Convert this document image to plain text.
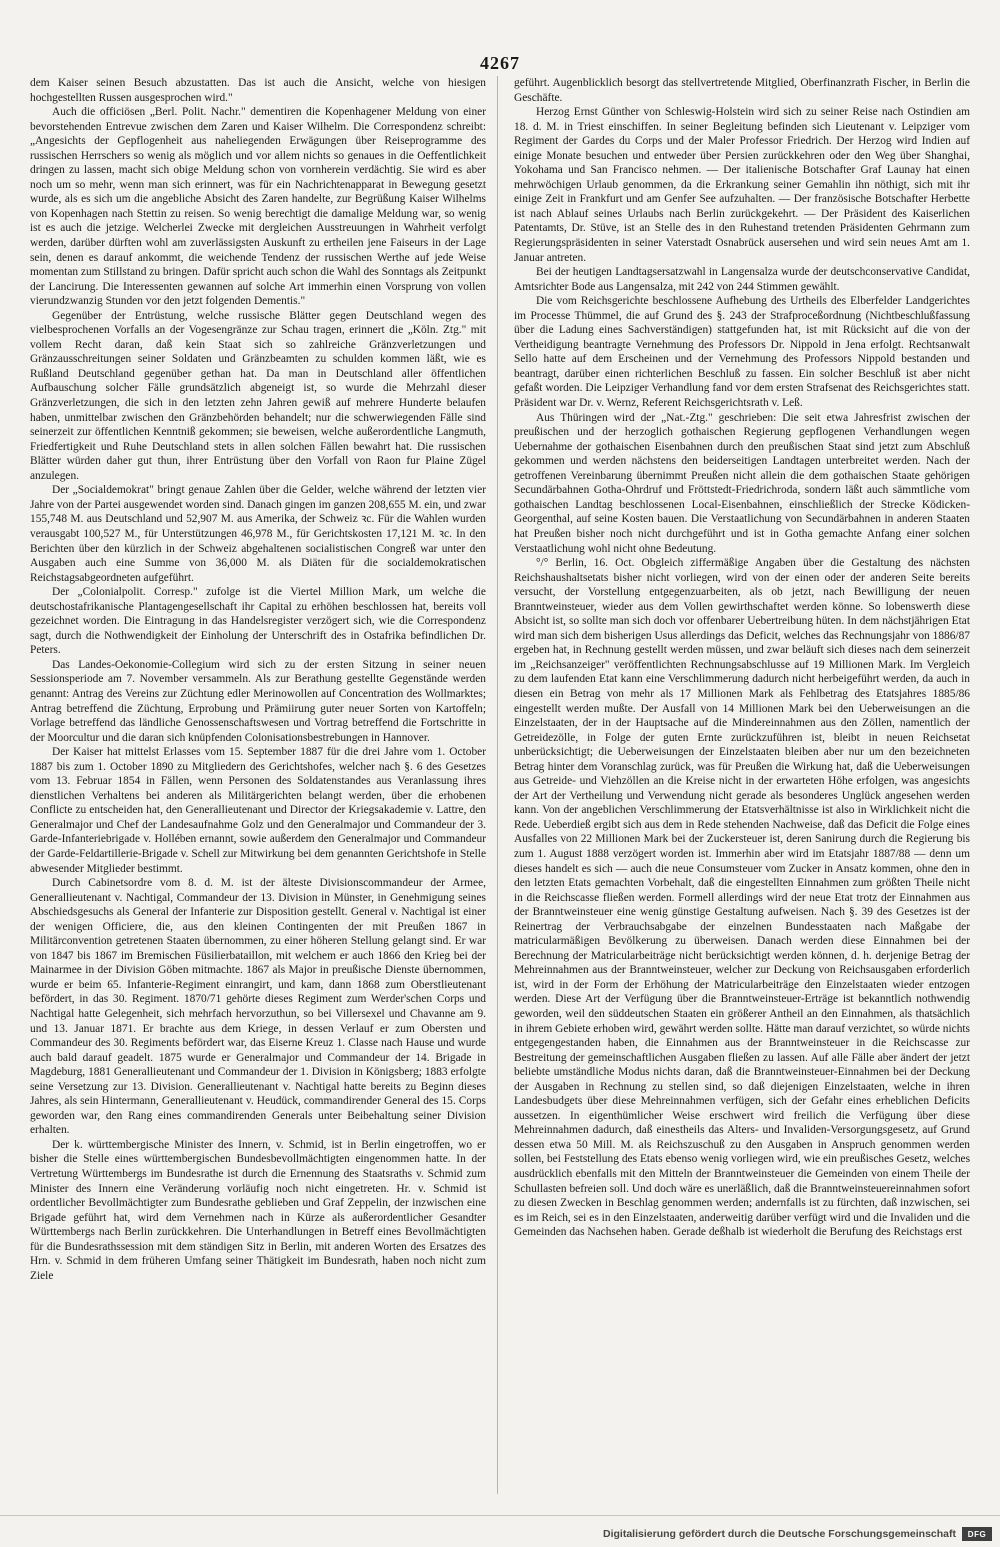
4267

dem Kaiser seinen Besuch abzustatten. Das ist auch die Ansicht, welche von hiesigen hochgestellten Russen ausgesprochen wird."

Auch die officiösen „Berl. Polit. Nachr." dementiren die Kopenhagener Meldung von einer bevorstehenden Entrevue zwischen dem Zaren und Kaiser Wilhelm. Die Correspondenz schreibt: „Angesichts der Gepflogenheit aus naheliegenden Erwägungen über Reiseprogramme des russischen Herrschers so wenig als möglich und vor allem nichts so genaues in die Oeffentlichkeit dringen zu lassen, macht sich obige Meldung schon von vornherein verdächtig. Sie wird es aber noch um so mehr, wenn man sich erinnert, was für ein Nachrichtenapparat in Bewegung gesetzt wurde, als es sich um die angebliche Absicht des Zaren handelte, zur Begrüßung Kaiser Wilhelms von Kopenhagen nach Stettin zu reisen. So wenig berechtigt die damalige Meldung war, so wenig ist es auch die jetzige. Welcherlei Zwecke mit dergleichen Ausstreuungen in Wahrheit verfolgt werden, darüber dürften wohl am zuverlässigsten Auskunft zu ertheilen jene Faiseurs in der Lage sein, denen es darauf ankommt, die weichende Tendenz der russischen Werthe auf jede Weise momentan zum Stillstand zu bringen. Dafür spricht auch schon die Wahl des Sonntags als Zeitpunkt der Lancirung. Die Interessenten gewannen auf solche Art immerhin einen Vorsprung von vollen vierundzwanzig Stunden vor den jetzt folgenden Dementis."

Gegenüber der Entrüstung, welche russische Blätter gegen Deutschland wegen des vielbesprochenen Vorfalls an der Vogesengränze zur Schau tragen, erinnert die „Köln. Ztg." mit vollem Recht daran, daß kein Staat sich so zahlreiche Gränzverletzungen und Gränzausschreitungen seiner Soldaten und Gränzbeamten zu schulden kommen läßt, wie es Rußland Deutschland gegenüber gethan hat. Da man in Deutschland aller öffentlichen Aufbauschung solcher Fälle grundsätzlich abgeneigt ist, so wurde die Mehrzahl dieser Gränzverletzungen, die sich in den letzten zehn Jahren gewiß auf mehrere Hunderte belaufen haben, unmittelbar zwischen den Gränzbehörden behandelt; nur die schwerwiegenden Fälle sind seinerzeit zur öffentlichen Kenntniß gekommen; sie beweisen, welche außerordentliche Langmuth, Friedfertigkeit und Ruhe Deutschland stets in allen solchen Fällen bewahrt hat. Die russischen Blätter würden daher gut thun, ihrer Entrüstung über den Vorfall von Raon fur Plaine Zügel anzulegen.

Der „Socialdemokrat" bringt genaue Zahlen über die Gelder, welche während der letzten vier Jahre von der Partei ausgewendet worden sind. Danach gingen im ganzen 208,655 M. ein, und zwar 155,748 M. aus Deutschland und 52,907 M. aus Amerika, der Schweiz ꝛc. Für die Wahlen wurden verausgabt 100,527 M., für Unterstützungen 46,978 M., für Gerichtskosten 17,121 M. ꝛc. In den Berichten über den kürzlich in der Schweiz abgehaltenen socialistischen Congreß war unter den Ausgaben auch eine Summe von 36,000 M. als Diäten für die socialdemokratischen Reichstagsabgeordneten aufgeführt.

Der „Colonialpolit. Corresp." zufolge ist die Viertel Million Mark, um welche die deutschostafrikanische Plantagengesellschaft ihr Capital zu erhöhen beschlossen hat, bereits voll gezeichnet worden. Die Eintragung in das Handelsregister verzögert sich, wie die Correspondenz sagt, durch die Nothwendigkeit der Einholung der Unterschrift des in Ostafrika befindlichen Dr. Peters.

Das Landes-Oekonomie-Collegium wird sich zu der ersten Sitzung in seiner neuen Sessionsperiode am 7. November versammeln. Als zur Berathung gestellte Gegenstände werden genannt: Antrag des Vereins zur Züchtung edler Merinowollen auf Concentration des Wollmarktes; Antrag betreffend die Züchtung, Erprobung und Prämiirung guter neuer Sorten von Kartoffeln; Vorlage betreffend das ländliche Genossenschaftswesen und Vortrag betreffend die Fortschritte in der Moorcultur und die daran sich knüpfenden Colonisationsbestrebungen in Hannover.

Der Kaiser hat mittelst Erlasses vom 15. September 1887 für die drei Jahre vom 1. October 1887 bis zum 1. October 1890 zu Mitgliedern des Gerichtshofes, welcher nach §. 6 des Gesetzes vom 13. Februar 1854 in Fällen, wenn Personen des Soldatenstandes aus Veranlassung ihres dienstlichen Verhaltens bei anderen als Militärgerichten belangt werden, über die erhobenen Conflicte zu entscheiden hat, den Generallieutenant und Director der Kriegsakademie v. Lattre, den Generalmajor und Chef der Landesaufnahme Golz und den Generalmajor und Commandeur der 3. Garde-Infanteriebrigade v. Hollében ernannt, sowie außerdem den Generalmajor und Commandeur der Garde-Feldartillerie-Brigade v. Schell zur Mitwirkung bei dem genannten Gerichtshofe in Stelle abwesender Mitglieder bestimmt.

Durch Cabinetsordre vom 8. d. M. ist der älteste Divisionscommandeur der Armee, Generallieutenant v. Nachtigal, Commandeur der 13. Division in Münster, in Genehmigung seines Abschiedsgesuchs als General der Infanterie zur Disposition gestellt. General v. Nachtigal ist einer der wenigen Officiere, die, aus den kleinen Contingenten der mit Preußen 1867 in Militärconvention getretenen Staaten übernommen, zu einer höheren Stellung gelangt sind. Er war von 1847 bis 1867 im Bremischen Füsilierbataillon, mit welchem er auch 1866 den Krieg bei der Mainarmee in der Division Göben mitmachte. 1867 als Major in preußische Dienste übernommen, wurde er beim 65. Infanterie-Regiment einrangirt, und kam, dann 1868 zum Oberstlieutenant befördert, in das 30. Regiment. 1870/71 gehörte dieses Regiment zum Werder'schen Corps und Nachtigal hatte Gelegenheit, sich mehrfach hervorzuthun, so bei Villersexel und Chavanne am 9. und 13. Januar 1871. Er brachte aus dem Kriege, in dessen Verlauf er zum Obersten und Commandeur des 30. Regiments befördert war, das Eiserne Kreuz 1. Classe nach Hause und wurde auch bald darauf geadelt. 1875 wurde er Generalmajor und Commandeur der 14. Brigade in Magdeburg, 1881 Generallieutenant und Commandeur der 1. Division in Königsberg; 1883 erfolgte seine Versetzung zur 13. Division. Generallieutenant v. Nachtigal hatte bereits zu Beginn dieses Jahres, als sein Hintermann, Generallieutenant v. Heudück, commandirender General des 15. Corps geworden war, den Rang eines commandirenden Generals unter Beibehaltung seiner Division erhalten.

Der k. württembergische Minister des Innern, v. Schmid, ist in Berlin eingetroffen, wo er bisher die Stelle eines württembergischen Bundesbevollmächtigten eingenommen hatte. In der Vertretung Württembergs im Bundesrathe ist durch die Ernennung des Staatsraths v. Schmid zum Minister des Innern eine Veränderung vorläufig noch nicht eingetreten. Hr. v. Schmid ist ordentlicher Bevollmächtigter zum Bundesrathe geblieben und Graf Zeppelin, der inzwischen eine Brigade geführt hat, wird dem Vernehmen nach in Kürze als außerordentlicher Gesandter Württembergs nach Berlin zurückkehren. Die Unterhandlungen in Betreff eines Bevollmächtigten für die Bundesrathssession mit dem ständigen Sitz in Berlin, mit anderen Worten des Ersatzes des Hrn. v. Schmid in dem früheren Umfang seiner Thätigkeit im Bundesrath, haben noch nicht zum Ziele

geführt. Augenblicklich besorgt das stellvertretende Mitglied, Oberfinanzrath Fischer, in Berlin die Geschäfte.

Herzog Ernst Günther von Schleswig-Holstein wird sich zu seiner Reise nach Ostindien am 18. d. M. in Triest einschiffen. In seiner Begleitung befinden sich Lieutenant v. Leipziger vom Regiment der Gardes du Corps und der Maler Professor Friedrich. Der Herzog wird Indien auf einige Monate besuchen und entweder über Persien zurückkehren oder den Weg über Shanghai, Yokohama und San Francisco nehmen. — Der italienische Botschafter Graf Launay hat einen mehrwöchigen Urlaub genommen, da die Erkrankung seiner Gemahlin ihn nöthigt, sich mit ihr einige Zeit in Frankfurt und am Genfer See aufzuhalten. — Der französische Botschafter Herbette ist nach Ablauf seines Urlaubs nach Berlin zurückgekehrt. — Der Präsident des Kaiserlichen Patentamts, Dr. Stüve, ist an Stelle des in den Ruhestand tretenden Präsidenten Gehrmann zum Regierungspräsidenten in seiner Vaterstadt Osnabrück ausersehen und wird sein neues Amt am 1. Januar antreten.

Bei der heutigen Landtagsersatzwahl in Langensalza wurde der deutschconservative Candidat, Amtsrichter Bode aus Langensalza, mit 242 von 244 Stimmen gewählt.

Die vom Reichsgerichte beschlossene Aufhebung des Urtheils des Elberfelder Landgerichtes im Processe Thümmel, die auf Grund des §. 243 der Strafproceßordnung (Nichtbeschlußfassung über die Ladung eines Sachverständigen) stattgefunden hat, ist mit Rücksicht auf die von der Vertheidigung beantragte Vernehmung des Professors Dr. Nippold in Jena erfolgt. Rechtsanwalt Sello hatte auf dem Erscheinen und der Vernehmung des Professors Nippold bestanden und beantragt, darüber einen richterlichen Beschluß zu fassen. Ein solcher Beschluß ist aber nicht gefaßt worden. Die Leipziger Verhandlung fand vor dem ersten Strafsenat des Reichsgerichtes statt. Präsident war Dr. v. Wernz, Referent Reichsgerichtsrath v. Leß.

Aus Thüringen wird der „Nat.-Ztg." geschrieben: Die seit etwa Jahresfrist zwischen der preußischen und der herzoglich gothaischen Regierung gepflogenen Verhandlungen wegen Uebernahme der gothaischen Eisenbahnen durch den preußischen Staat sind jetzt zum Abschluß gekommen und werden nächstens den beiderseitigen Landtagen unterbreitet werden. Nach der getroffenen Vereinbarung übernimmt Preußen nicht allein die dem gothaischen Staate gehörigen Secundärbahnen Gotha-Ohrdruf und Fröttstedt-Friedrichroda, sondern läßt auch sämmtliche vom gothaischen Landtag beschlossenen Local-Eisenbahnen, einschließlich der Strecke Ködicken-Georgenthal, auf seine Kosten bauen. Die Verstaatlichung von Secundärbahnen in anderen Staaten hat Preußen bisher noch nicht durchgeführt und ist in Gotha gemachte Anfang einer solchen Verstaatlichung wohl nicht ohne Bedeutung.

°/° Berlin, 16. Oct. Obgleich ziffermäßige Angaben über die Gestaltung des nächsten Reichshaushaltsetats bisher nicht vorliegen, wird von der einen oder der anderen Seite bereits versucht, der Vorstellung entgegenzuarbeiten, als ob jetzt, nach Bewilligung der neuen Branntweinsteuer, wieder aus dem Vollen gewirthschaftet werden könne. So lobenswerth diese Absicht ist, so sollte man sich doch vor offenbarer Uebertreibung hüten. In dem nächstjährigen Etat wird man sich dem bisherigen Usus allerdings das Deficit, welches das Rechnungsjahr von 1886/87 ergeben hat, in Rechnung gestellt werden müssen, und zwar beläuft sich dieses nach dem seinerzeit im „Reichsanzeiger" veröffentlichten Rechnungsabschlusse auf 19 Millionen Mark. Im Vergleich zu dem laufenden Etat kann eine Verschlimmerung dadurch nicht herbeigeführt werden, da auch in diesen ein Betrag von mehr als 17 Millionen Mark als Fehlbetrag des Etatsjahres 1885/86 eingestellt werden mußte. Der Ausfall von 14 Millionen Mark bei den Ueberweisungen an die Einzelstaaten, der in der Hauptsache auf die Mindereinnahmen aus den Zöllen, namentlich der Getreidezölle, in Folge der guten Ernte zurückzuführen ist, bleibt in neuen Reichsetat unberücksichtigt; die Ueberweisungen der Einzelstaaten bleiben aber nur um den bezeichneten Betrag hinter dem Voranschlag zurück, was für Preußen die Wirkung hat, daß die Ueberweisungen aus Getreide- und Viehzöllen an die Kreise nicht in der erwarteten Höhe erfolgen, was angesichts der Art der Vertheilung und Verwendung nicht gerade als besonderes Unglück angesehen werden kann. Von der angeblichen Verschlimmerung der Etatsverhältnisse ist also in Wirklichkeit nicht die Rede. Ueberdieß ergibt sich aus dem in Rede stehenden Nachweise, daß das Deficit die Folge eines Ausfalles von 22 Millionen Mark bei der Zuckersteuer ist, deren Sanirung durch die Regierung bis zum 1. August 1888 verzögert worden ist. Immerhin aber wird im Etatsjahr 1887/88 — denn um dieses handelt es sich — auch die neue Consumsteuer vom Zucker in Ansatz kommen, ohne den in den letzten Etats gemachten Vorbehalt, daß die eingestellten Einnahmen zum größten Theile nicht in die Reichscasse fließen werden. Formell allerdings wird der neue Etat trotz der Einnahmen aus der Branntweinsteuer eine wenig günstige Gestaltung aufweisen. Nach §. 39 des Gesetzes ist der Reinertrag der Verbrauchsabgabe der einzelnen Bundesstaaten nach Maßgabe der matricularmäßigen Bevölkerung zu überweisen. Danach werden diese Einnahmen bei der Berechnung der Matricularbeiträge nicht berücksichtigt werden können, d. h. derjenige Betrag der Mehreinnahmen aus der Branntweinsteuer, welcher zur Deckung von Reichsausgaben erforderlich ist, wird in der Form der Erhöhung der Matricularbeiträge den Einzelstaaten wieder entzogen werden. Diese Art der Verfügung über die Branntweinsteuer-Erträge ist bekanntlich nothwendig geworden, weil den süddeutschen Staaten ein größerer Antheil an den Einnahmen, als thatsächlich in ihrem Gebiete erhoben wird, gewährt werden sollte. Hätte man darauf verzichtet, so würde nichts entgegengestanden haben, die Einnahmen aus der Branntweinsteuer in die Reichscasse zur Bestreitung der gemeinschaftlichen Ausgaben fließen zu lassen. Auf alle Fälle aber ändert der jetzt beliebte umständliche Modus nichts daran, daß die Branntweinsteuer-Einnahmen bei der Deckung der Ausgaben in Rechnung zu stellen sind, so daß diejenigen Einzelstaaten, welche in ihren Landesbudgets über diese Mehreinnahmen verfügen, sich der Gefahr eines erheblichen Deficits aussetzen. In eigenthümlicher Weise erschwert wird freilich die Verfügung über diese Mehreinnahmen dadurch, daß einestheils das Alters- und Invaliden-Versorgungsgesetz, auf Grund dessen etwa 50 Mill. M. als Reichszuschuß zu den Ausgaben in Anspruch genommen werden sollen, bei Feststellung des Etats ebenso wenig vorliegen wird, wie ein preußisches Gesetz, welches ausdrücklich ebenfalls mit den Mitteln der Branntweinsteuer die Gemeinden von einem Theile der Schullasten befreien soll. Und doch wäre es unerläßlich, daß die Branntweinsteuereinnahmen sofort zu diesen Zwecken in Beschlag genommen werden; andernfalls ist zu fürchten, daß inzwischen, sei es im Reich, sei es in den Einzelstaaten, anderweitig darüber verfügt wird und die Invaliden und die Gemeinden das Nachsehen haben. Gerade deßhalb ist wiederholt die Berufung des Reichstags erst

Digitalisierung gefördert durch die Deutsche Forschungsgemeinschaft	DFG
